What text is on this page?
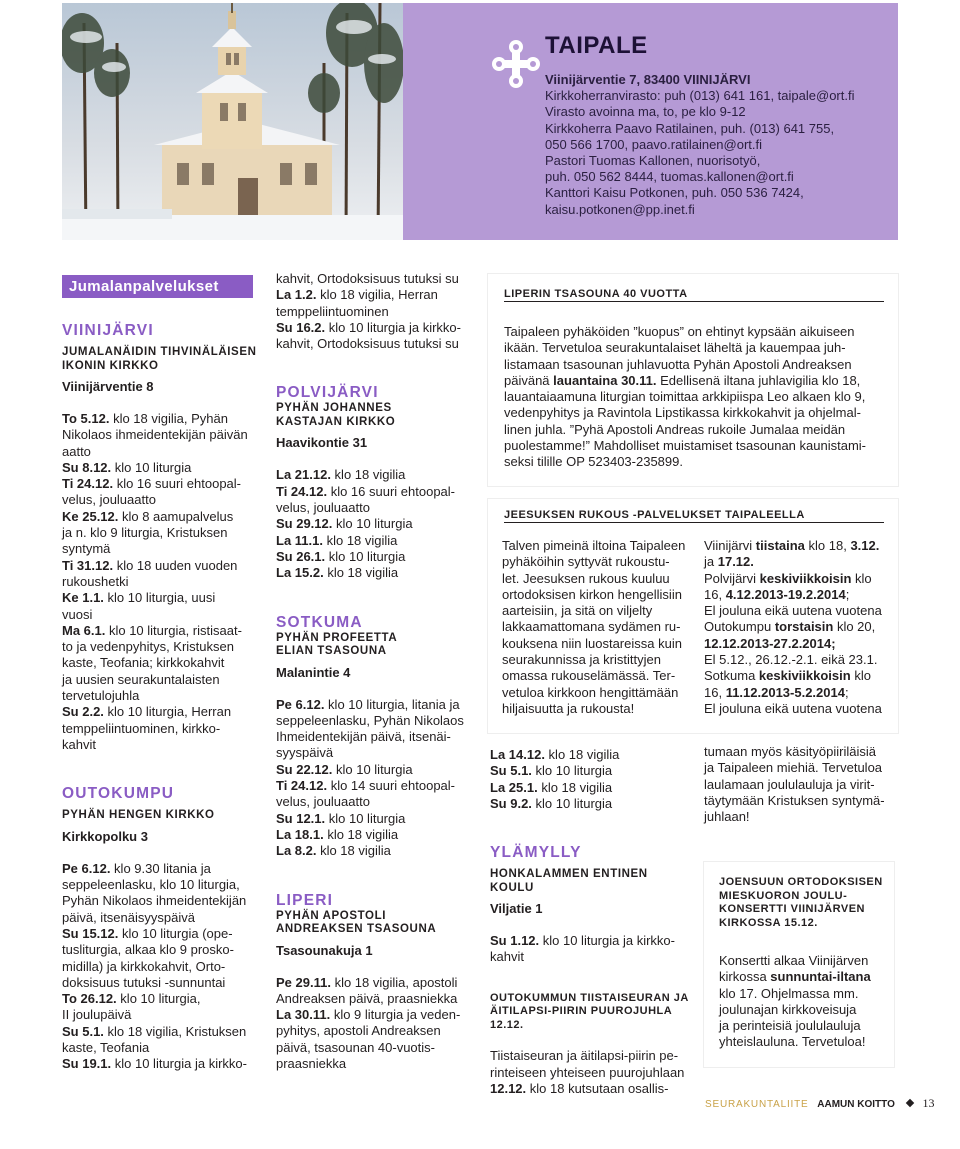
TAIPALE
Viinijärventie 7, 83400 VIINIJÄRVI
Kirkkoherranvirasto: puh (013) 641 161, taipale@ort.fi
Virasto avoinna ma, to, pe klo 9-12
Kirkkoherra Paavo Ratilainen, puh. (013) 641 755,
050 566 1700, paavo.ratilainen@ort.fi
Pastori Tuomas Kallonen, nuorisotyö,
puh. 050 562 8444, tuomas.kallonen@ort.fi
Kanttori Kaisu Potkonen, puh. 050 536 7424,
kaisu.potkonen@pp.inet.fi
Jumalanpalvelukset
VIINIJÄRVI
JUMALANÄIDIN TIHVINÄLÄISEN
IKONIN KIRKKO
Viinijärventie 8
To 5.12. klo 18 vigilia, Pyhän
Nikolaos ihmeidentekijän päivän
aatto
Su 8.12. klo 10 liturgia
Ti 24.12. klo 16 suuri ehtoopal-
velus, jouluaatto
Ke 25.12. klo 8 aamupalvelus
ja n. klo 9 liturgia, Kristuksen
syntymä
Ti 31.12. klo 18 uuden vuoden
rukoushetki
Ke 1.1. klo 10 liturgia, uusi
vuosi
Ma 6.1. klo 10 liturgia, ristisaat-
to ja vedenpyhitys, Kristuksen
kaste, Teofania; kirkkokahvit
ja uusien seurakuntalaisten
tervetulojuhla
Su 2.2. klo 10 liturgia, Herran
temppeliintuominen, kirkko-
kahvit
OUTOKUMPU
PYHÄN HENGEN KIRKKO
Kirkkopolku 3
Pe 6.12. klo 9.30 litania ja
seppeleenlasku, klo 10 liturgia,
Pyhän Nikolaos ihmeidentekijän
päivä, itsenäisyyspäivä
Su 15.12. klo 10 liturgia (ope-
tusliturgia, alkaa klo 9 prosko-
midilla) ja kirkkokahvit, Orto-
doksisuus tutuksi -sunnuntai
To 26.12. klo 10 liturgia,
II joulupäivä
Su 5.1. klo 18 vigilia, Kristuksen
kaste, Teofania
Su 19.1. klo 10 liturgia ja kirkko-
kahvit, Ortodoksisuus tutuksi su
La 1.2. klo 18 vigilia, Herran
temppeliintuominen
Su 16.2. klo 10 liturgia ja kirkko-
kahvit, Ortodoksisuus tutuksi su
POLVIJÄRVI
PYHÄN JOHANNES
KASTAJAN KIRKKO
Haavikontie 31
La 21.12. klo 18 vigilia
Ti 24.12. klo 16 suuri ehtoopal-
velus, jouluaatto
Su 29.12. klo 10 liturgia
La 11.1. klo 18 vigilia
Su 26.1. klo 10 liturgia
La 15.2. klo 18 vigilia
SOTKUMA
PYHÄN PROFEETTA
ELIAN TSASOUNA
Malanintie 4
Pe 6.12. klo 10 liturgia, litania ja
seppeleenlasku, Pyhän Nikolaos
Ihmeidentekijän päivä, itsenäi-
syyspäivä
Su 22.12. klo 10 liturgia
Ti 24.12. klo 14 suuri ehtoopal-
velus, jouluaatto
Su 12.1. klo 10 liturgia
La 18.1. klo 18 vigilia
La 8.2. klo 18 vigilia
LIPERI
PYHÄN APOSTOLI
ANDREAKSEN TSASOUNA
Tsasounakuja 1
Pe 29.11. klo 18 vigilia, apostoli
Andreaksen päivä, praasniekka
La 30.11. klo 9 liturgia ja veden-
pyhitys, apostoli Andreaksen
päivä, tsasounan 40-vuotis-
praasniekka
LIPERIN TSASOUNA 40 VUOTTA
Taipaleen pyhäköiden ”kuopus” on ehtinyt kypsään aikuiseen
ikään. Tervetuloa seurakuntalaiset läheltä ja kauempaa juh-
listamaan tsasounan juhlavuotta Pyhän Apostoli Andreaksen
päivänä lauantaina 30.11. Edellisenä iltana juhlavigilia klo 18,
lauantaiaamuna liturgian toimittaa arkkipiispa Leo alkaen klo 9,
vedenpyhitys ja Ravintola Lipstikassa kirkkokahvit ja ohjelmal-
linen juhla. ”Pyhä Apostoli Andreas rukoile Jumalaa meidän
puolestamme!” Mahdolliset muistamiset tsasounan kaunistami-
seksi tilille OP 523403-235899.
JEESUKSEN RUKOUS -PALVELUKSET TAIPALEELLA
Talven pimeinä iltoina Taipaleen
pyhäköihin syttyvät rukoustu-
let. Jeesuksen rukous kuuluu
ortodoksisen kirkon hengellisiin
aarteisiin, ja sitä on viljelty
lakkaamattomana sydämen ru-
kouksena niin luostareissa kuin
seurakunnissa ja kristittyjen
omassa rukouselämässä. Ter-
vetuloa kirkkoon hengittämään
hiljaisuutta ja rukousta!
Viinijärvi tiistaina klo 18, 3.12.
ja 17.12.
Polvijärvi keskiviikkoisin klo
16, 4.12.2013-19.2.2014;
El jouluna eikä uutena vuotena
Outokumpu torstaisin klo 20,
12.12.2013-27.2.2014;
El 5.12., 26.12.-2.1. eikä 23.1.
Sotkuma keskiviikkoisin klo
16, 11.12.2013-5.2.2014;
El jouluna eikä uutena vuotena
La 14.12. klo 18 vigilia
Su 5.1. klo 10 liturgia
La 25.1. klo 18 vigilia
Su 9.2. klo 10 liturgia
YLÄMYLLY
HONKALAMMEN ENTINEN KOULU
Viljatie 1
Su 1.12. klo 10 liturgia ja kirkko-
kahvit
OUTOKUMMUN TIISTAISEURAN JA
ÄITILAPSI-PIIRIN PUUROJUHLA 12.12.
Tiistaiseuran ja äitilapsi-piirin pe-
rinteiseen yhteiseen puurojuhlaan
12.12. klo 18 kutsutaan osallis-
tumaan myös käsityöpiiriläisiä
ja Taipaleen miehiä. Tervetuloa
laulamaan joululauluja ja virit-
täytymään Kristuksen syntymä-
juhlaan!
JOENSUUN ORTODOKSISEN
MIESKUORON JOULU-
KONSERTTI VIINIJÄRVEN
KIRKOSSA 15.12.
Konsertti alkaa Viinijärven
kirkossa sunnuntai-iltana
klo 17. Ohjelmassa mm.
joulunajan kirkkoveisuja
ja perinteisiä joululauluja
yhteislauluna. Tervetuloa!
SEURAKUNTALIITE AAMUN KOITTO 13
